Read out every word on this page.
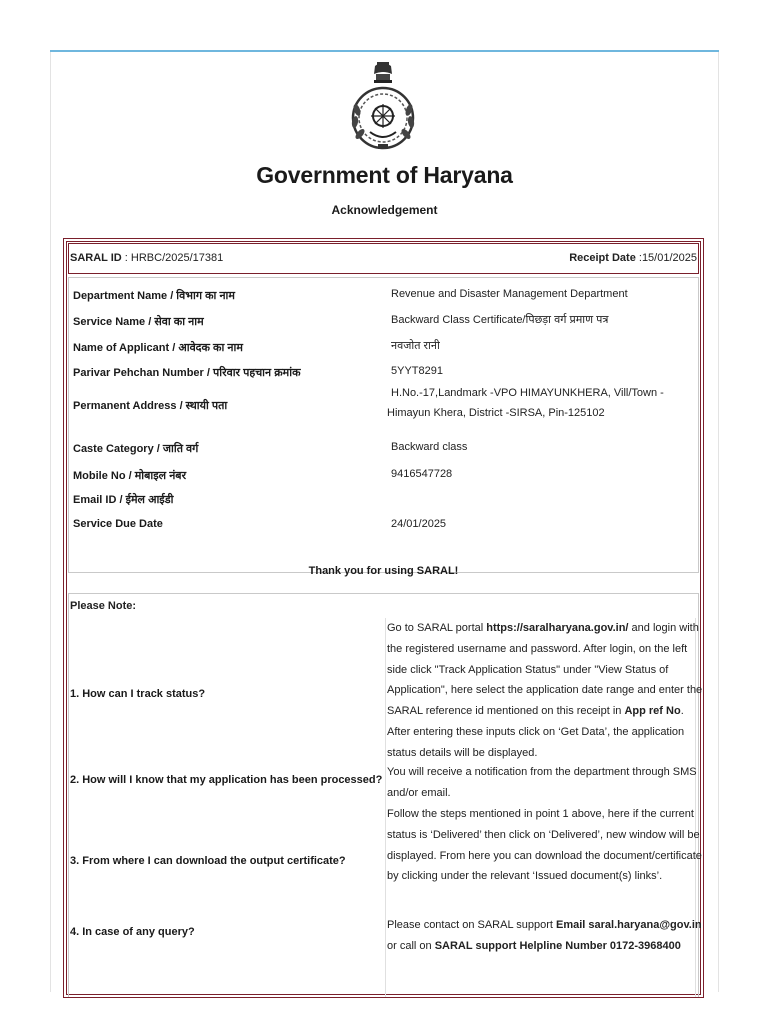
Government of Haryana
Acknowledgement
SARAL ID : HRBC/2025/17381	Receipt Date :15/01/2025
Department Name / विभाग का नाम	Revenue and Disaster Management Department
Service Name / सेवा का नाम	Backward Class Certificate/पिछड़ा वर्ग प्रमाण पत्र
Name of Applicant / आवेदक का नाम	नवजोत रानी
Parivar Pehchan Number / परिवार पहचान क्रमांक	5YYT8291
Permanent Address / स्थायी पता
H.No.-17,Landmark -VPO HIMAYUNKHERA, Vill/Town - Himayun Khera, District -SIRSA, Pin-125102
Caste Category / जाति वर्ग	Backward class
Mobile No / मोबाइल नंबर	9416547728
Email ID / ईमेल आईडी
Service Due Date	24/01/2025
Thank you for using SARAL!
Please Note:
1. How can I track status?
Go to SARAL portal https://saralharyana.gov.in/ and login with the registered username and password. After login, on the left side click "Track Application Status" under "View Status of Application", here select the application date range and enter the SARAL reference id mentioned on this receipt in App ref No. After entering these inputs click on ‘Get Data’, the application status details will be displayed.
2. How will I know that my application has been processed?
You will receive a notification from the department through SMS and/or email.
3. From where I can download the output certificate?
Follow the steps mentioned in point 1 above, here if the current status is ‘Delivered’ then click on ‘Delivered’, new window will be displayed. From here you can download the document/certificate by clicking under the relevant ‘Issued document(s) links’.
4. In case of any query?
Please contact on SARAL support Email saral.haryana@gov.in or call on SARAL support Helpline Number 0172-3968400
